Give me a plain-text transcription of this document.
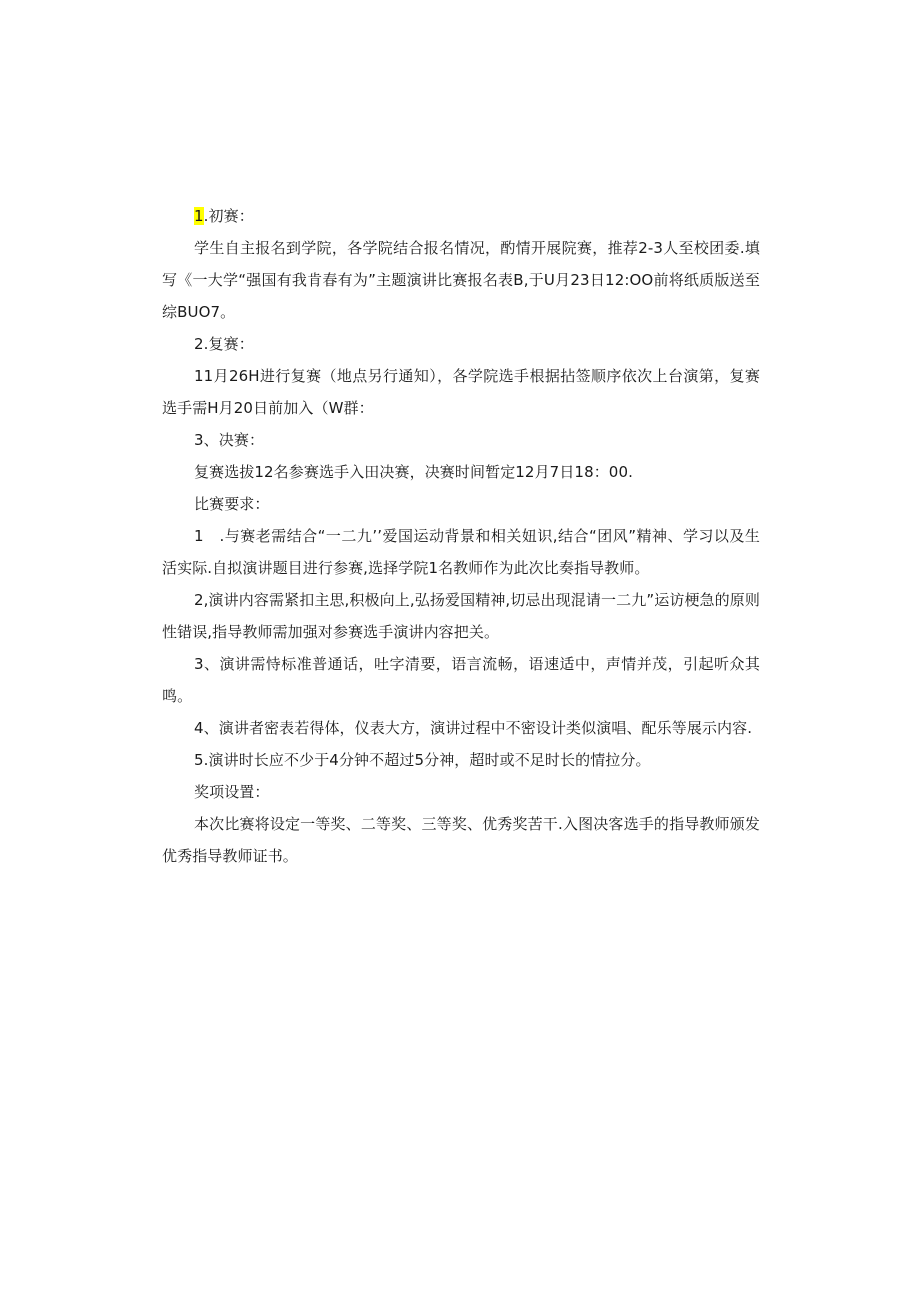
1.初赛：

学生自主报名到学院，各学院结合报名情况，酌情开展院赛，推荐2-3人至校团委.填写《一大学“强国有我肯春有为”主题演讲比赛报名表B,于U月23日12:OO前将纸质版送至综BUO7。

2.复赛：

11月26H进行复赛（地点另行通知），各学院选手根据拈签顺序依次上台演第，复赛选手需H月20日前加入（W群：

3、决赛：

复赛选拔12名参赛选手入田决赛，决赛时间暂定12月7日18：00.

比赛要求：

1　.与赛老需结合“一二九’’爱国运动背景和相关妞识,结合“团风”精神、学习以及生活实际.自拟演讲题目进行参赛,选择学院1名教师作为此次比奏指导教师。

2,演讲内容需紧扣主思,积极向上,弘扬爱国精神,切忌出现混请一二九”运访梗急的原则性错误,指导教师需加强对参赛选手演讲内容把关。

3、演讲需恃标准普通话，吐字清要，语言流畅，语速适中，声情并茂，引起听众其鸣。

4、演讲者密表若得体，仪表大方，演讲过程中不密设计类似演唱、配乐等展示内容.

5.演讲时长应不少于4分钟不超过5分神，超时或不足时长的情拉分。

奖项设置：

本次比赛将设定一等奖、二等奖、三等奖、优秀奖苦干.入图决客选手的指导教师颁发优秀指导教师证书。
